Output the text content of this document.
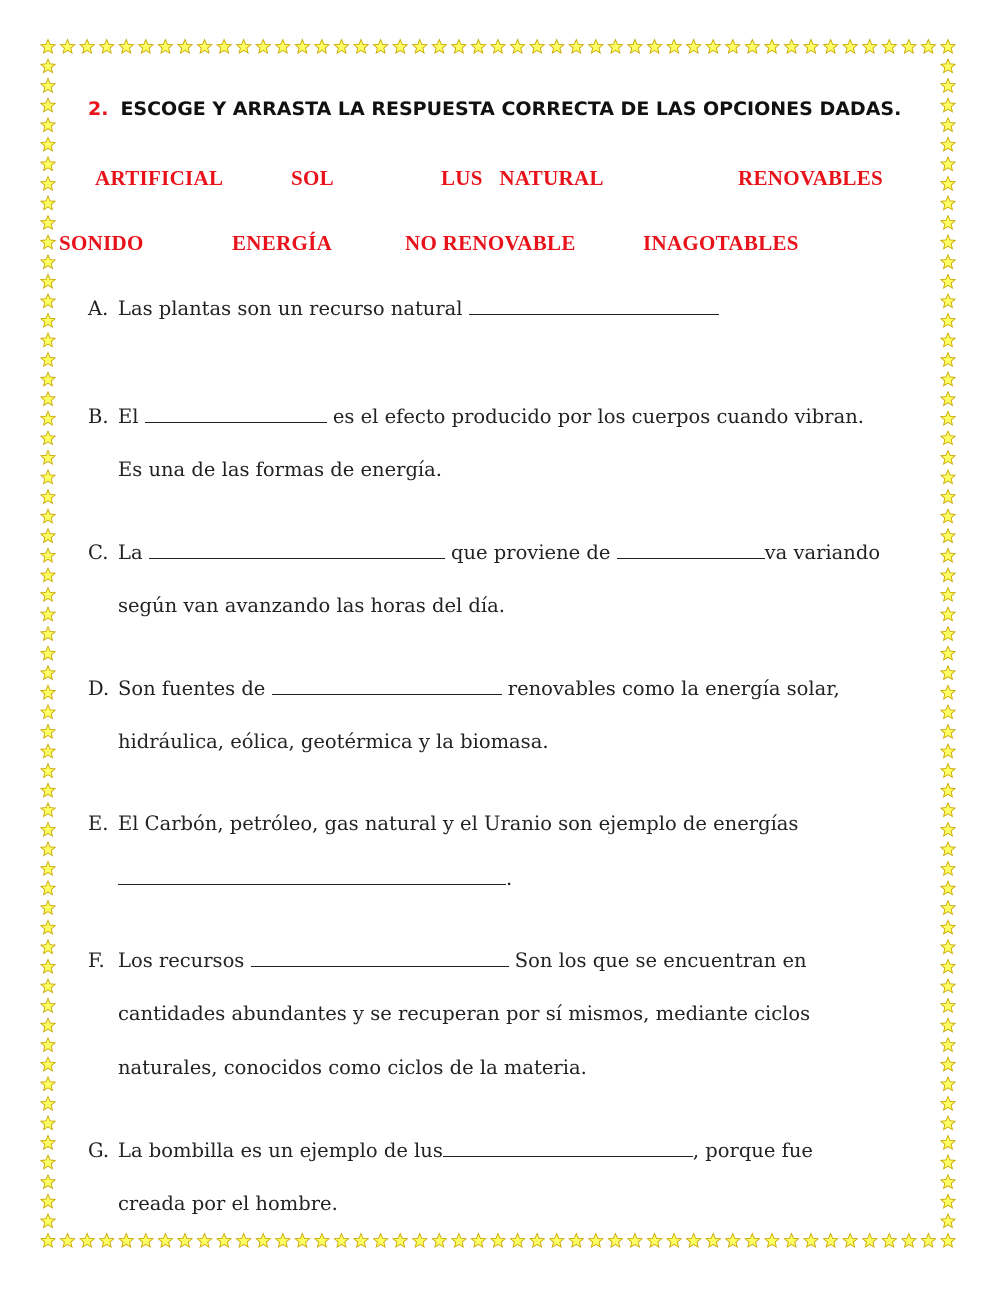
2. ESCOGE Y ARRASTA LA RESPUESTA CORRECTA DE LAS OPCIONES DADAS.
ARTIFICIAL	SOL	LUS   NATURAL	RENOVABLES
SONIDO	ENERGÍA	NO RENOVABLE	INAGOTABLES
A. Las plantas son un recurso natural
B. El	es el efecto producido por los cuerpos cuando vibran.
Es una de las formas de energía.
C. La	que proviene de	va variando
según van avanzando las horas del día.
D. Son fuentes de	renovables como la energía solar,
hidráulica, eólica, geotérmica y la biomasa.
E. El Carbón, petróleo, gas natural y el Uranio son ejemplo de energías
.
F. Los recursos	Son los que se encuentran en
cantidades abundantes y se recuperan por sí mismos, mediante ciclos
naturales, conocidos como ciclos de la materia.
G. La bombilla es un ejemplo de lus	, porque fue
creada por el hombre.
